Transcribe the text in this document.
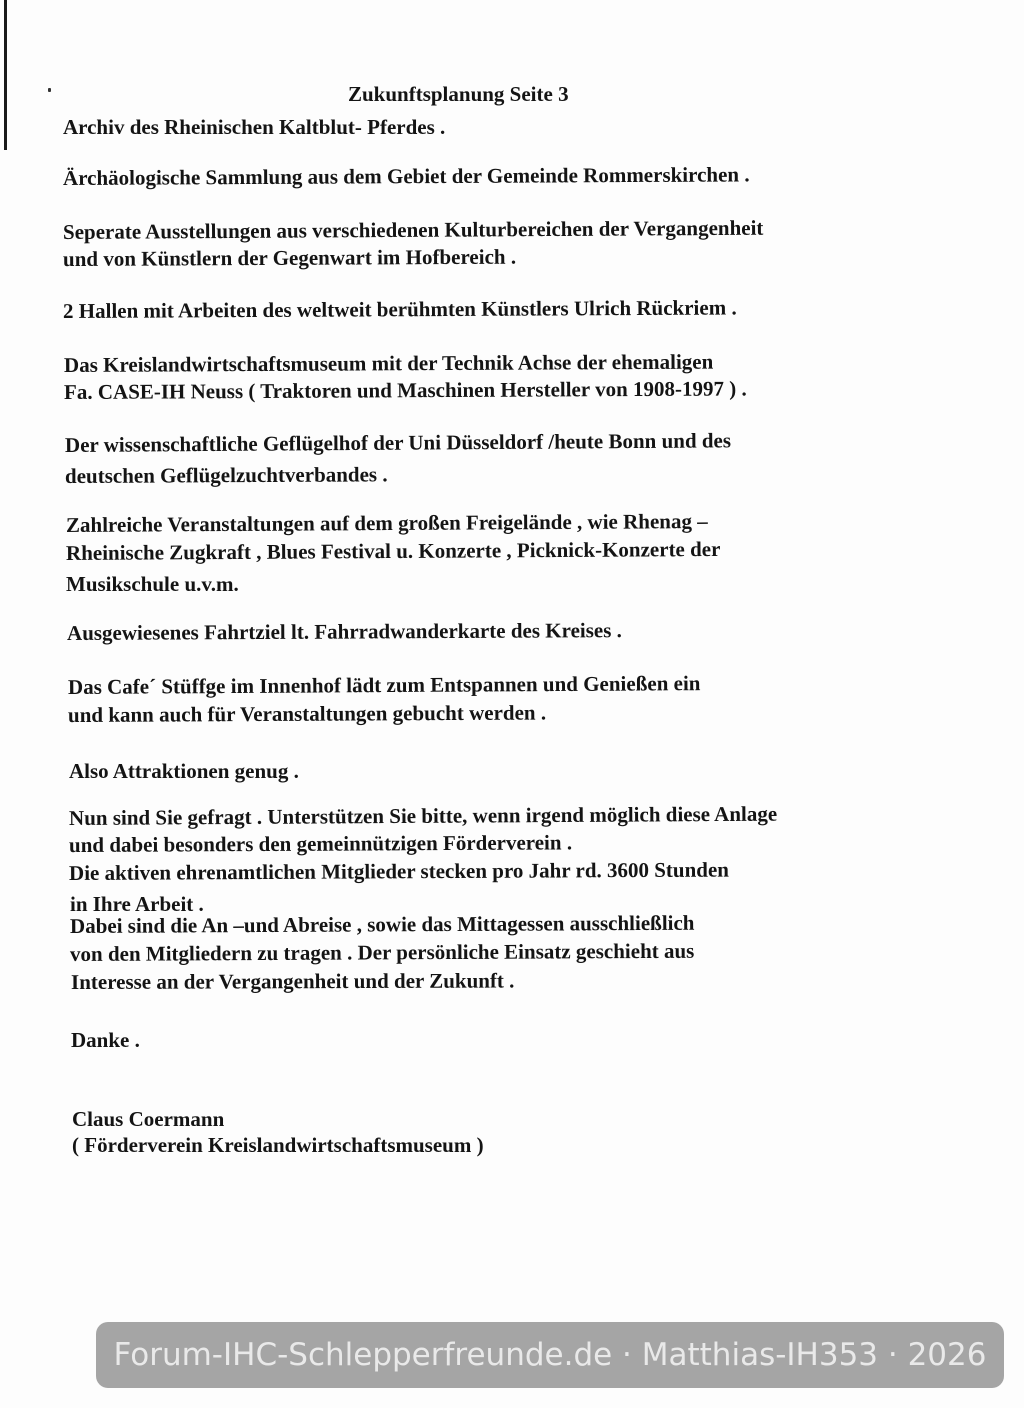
Zukunftsplanung Seite 3
Archiv des Rheinischen Kaltblut- Pferdes .
Ärchäologische Sammlung aus dem Gebiet der Gemeinde Rommerskirchen .
Seperate Ausstellungen aus verschiedenen Kulturbereichen der Vergangenheit
und von Künstlern der Gegenwart im Hofbereich .
2 Hallen mit Arbeiten des weltweit berühmten Künstlers Ulrich Rückriem .
Das Kreislandwirtschaftsmuseum mit der Technik Achse der ehemaligen
Fa. CASE-IH Neuss ( Traktoren und Maschinen Hersteller von 1908-1997 ) .
Der wissenschaftliche Geflügelhof der Uni Düsseldorf /heute Bonn und des
deutschen Geflügelzuchtverbandes .
Zahlreiche Veranstaltungen auf dem großen Freigelände , wie Rhenag –
Rheinische Zugkraft , Blues Festival u. Konzerte , Picknick-Konzerte der
Musikschule u.v.m.
Ausgewiesenes Fahrtziel lt. Fahrradwanderkarte des Kreises .
Das Cafe´ Stüffge im Innenhof lädt zum Entspannen und Genießen ein
und kann auch für Veranstaltungen gebucht werden .
Also Attraktionen genug .
Nun sind Sie gefragt . Unterstützen Sie bitte, wenn irgend möglich diese Anlage
und dabei besonders den gemeinnützigen Förderverein .
Die aktiven ehrenamtlichen Mitglieder stecken pro Jahr rd. 3600 Stunden
in Ihre Arbeit .
Dabei sind die An –und Abreise , sowie das Mittagessen ausschließlich
von den Mitgliedern zu tragen . Der persönliche Einsatz geschieht aus
Interesse an der Vergangenheit und der Zukunft .
Danke .
Claus Coermann
( Förderverein Kreislandwirtschaftsmuseum )
Forum-IHC-Schlepperfreunde.de · Matthias-IH353 · 2026
